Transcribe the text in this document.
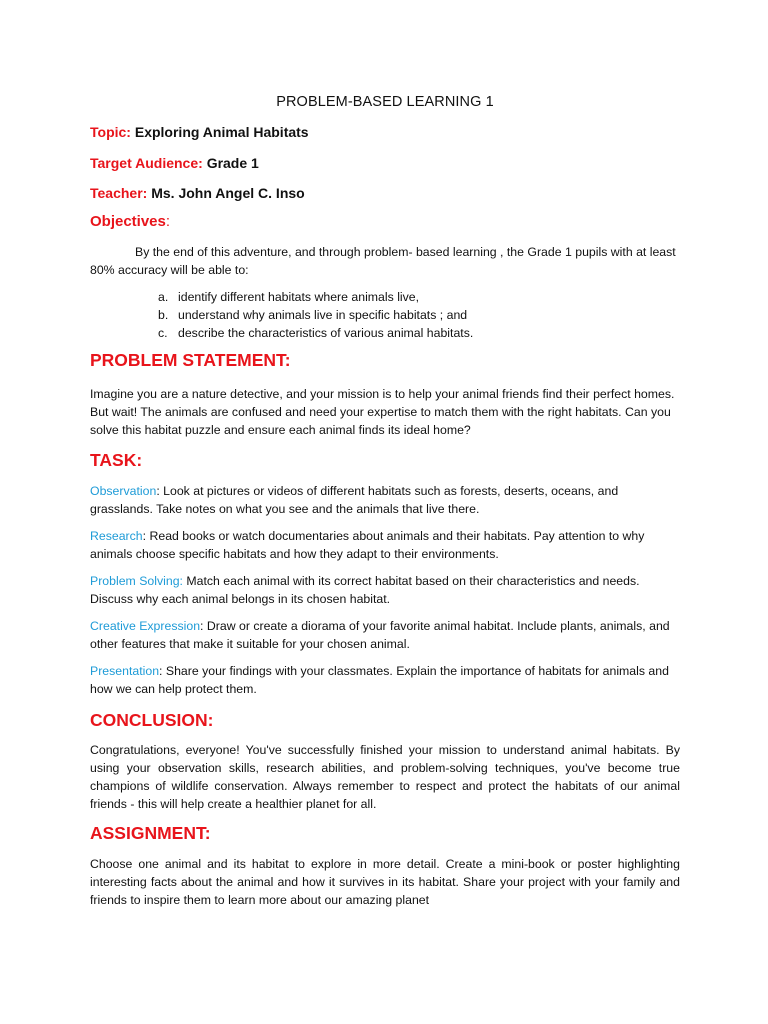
PROBLEM-BASED LEARNING 1
Topic: Exploring Animal Habitats
Target Audience: Grade 1
Teacher: Ms. John Angel C. Inso
Objectives:
By the end of this adventure, and through problem- based learning , the Grade 1 pupils with at least 80% accuracy will be able to:
a. identify different habitats where animals live,
b. understand why animals live in specific habitats ; and
c. describe the characteristics of various animal habitats.
PROBLEM STATEMENT:
Imagine you are a nature detective, and your mission is to help your animal friends find their perfect homes. But wait! The animals are confused and need your expertise to match them with the right habitats. Can you solve this habitat puzzle and ensure each animal finds its ideal home?
TASK:
Observation: Look at pictures or videos of different habitats such as forests, deserts, oceans, and grasslands. Take notes on what you see and the animals that live there.
Research: Read books or watch documentaries about animals and their habitats. Pay attention to why animals choose specific habitats and how they adapt to their environments.
Problem Solving: Match each animal with its correct habitat based on their characteristics and needs. Discuss why each animal belongs in its chosen habitat.
Creative Expression: Draw or create a diorama of your favorite animal habitat. Include plants, animals, and other features that make it suitable for your chosen animal.
Presentation: Share your findings with your classmates. Explain the importance of habitats for animals and how we can help protect them.
CONCLUSION:
Congratulations, everyone! You've successfully finished your mission to understand animal habitats. By using your observation skills, research abilities, and problem-solving techniques, you've become true champions of wildlife conservation. Always remember to respect and protect the habitats of our animal friends - this will help create a healthier planet for all.
ASSIGNMENT:
Choose one animal and its habitat to explore in more detail. Create a mini-book or poster highlighting interesting facts about the animal and how it survives in its habitat. Share your project with your family and friends to inspire them to learn more about our amazing planet
